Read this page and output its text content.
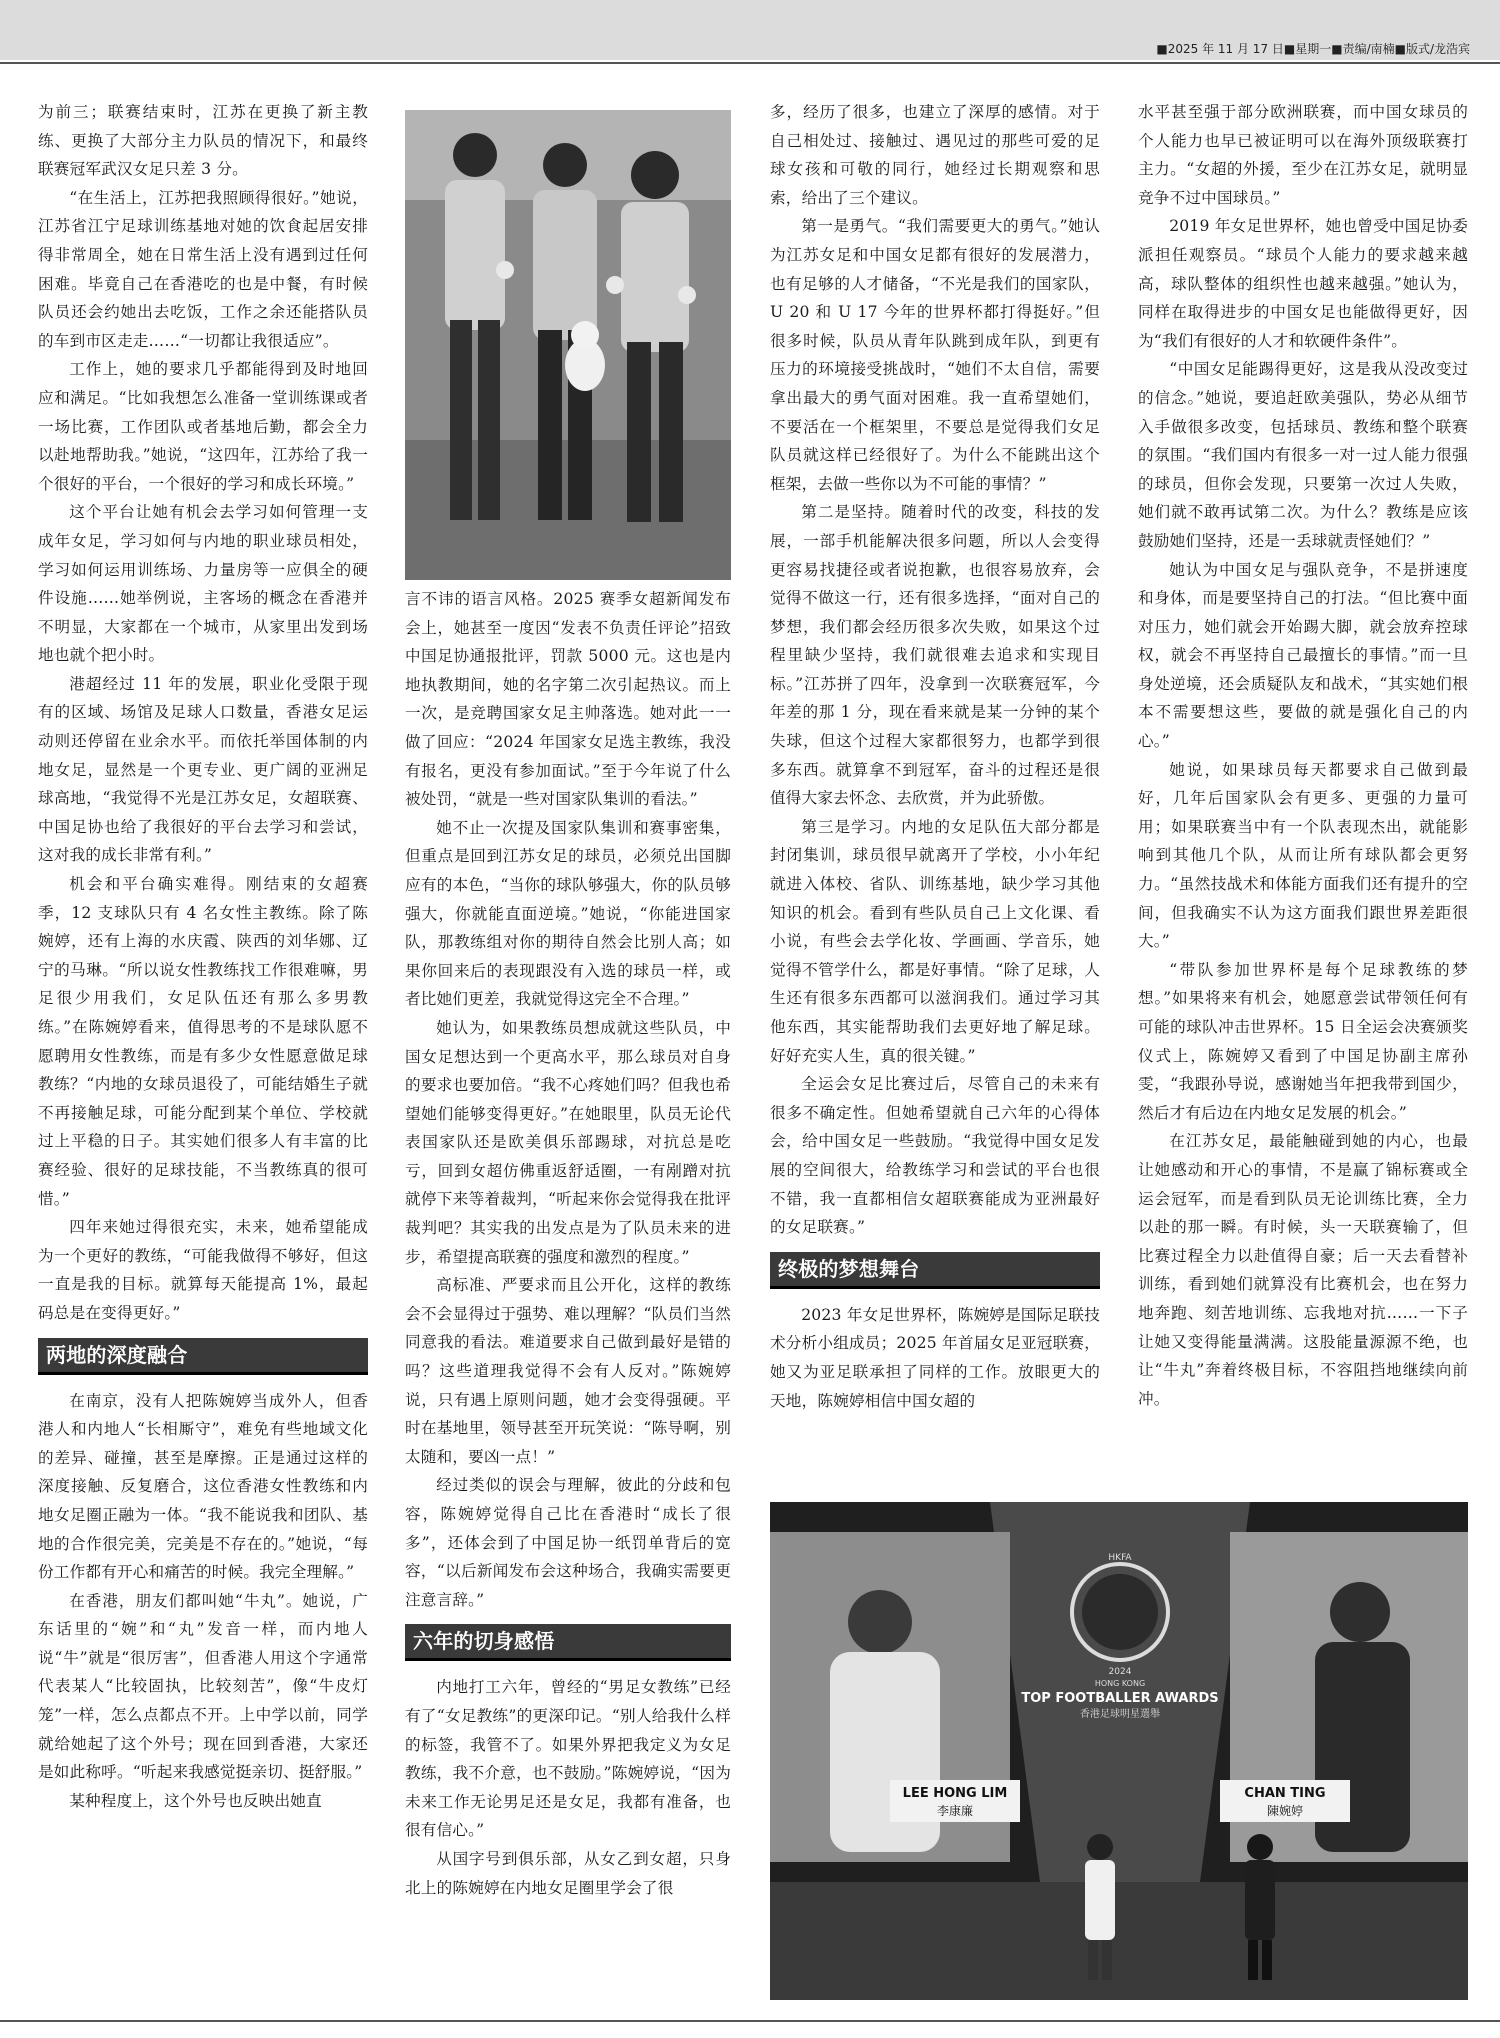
■2025 年 11 月 17 日■星期一■责编/南楠■版式/龙浩宾

为前三；联赛结束时，江苏在更换了新主教练、更换了大部分主力队员的情况下，和最终联赛冠军武汉女足只差 3 分。

“在生活上，江苏把我照顾得很好。”她说，江苏省江宁足球训练基地对她的饮食起居安排得非常周全，她在日常生活上没有遇到过任何困难。毕竟自己在香港吃的也是中餐，有时候队员还会约她出去吃饭，工作之余还能搭队员的车到市区走走……“一切都让我很适应”。

工作上，她的要求几乎都能得到及时地回应和满足。“比如我想怎么准备一堂训练课或者一场比赛，工作团队或者基地后勤，都会全力以赴地帮助我。”她说，“这四年，江苏给了我一个很好的平台，一个很好的学习和成长环境。”

这个平台让她有机会去学习如何管理一支成年女足，学习如何与内地的职业球员相处，学习如何运用训练场、力量房等一应俱全的硬件设施……她举例说，主客场的概念在香港并不明显，大家都在一个城市，从家里出发到场地也就个把小时。

港超经过 11 年的发展，职业化受限于现有的区域、场馆及足球人口数量，香港女足运动则还停留在业余水平。而依托举国体制的内地女足，显然是一个更专业、更广阔的亚洲足球高地，“我觉得不光是江苏女足，女超联赛、中国足协也给了我很好的平台去学习和尝试，这对我的成长非常有利。”

机会和平台确实难得。刚结束的女超赛季，12 支球队只有 4 名女性主教练。除了陈婉婷，还有上海的水庆霞、陕西的刘华娜、辽宁的马琳。“所以说女性教练找工作很难嘛，男足很少用我们，女足队伍还有那么多男教练。”在陈婉婷看来，值得思考的不是球队愿不愿聘用女性教练，而是有多少女性愿意做足球教练？“内地的女球员退役了，可能结婚生子就不再接触足球，可能分配到某个单位、学校就过上平稳的日子。其实她们很多人有丰富的比赛经验、很好的足球技能，不当教练真的很可惜。”

四年来她过得很充实，未来，她希望能成为一个更好的教练，“可能我做得不够好，但这一直是我的目标。就算每天能提高 1%，最起码总是在变得更好。”

两地的深度融合

在南京，没有人把陈婉婷当成外人，但香港人和内地人“长相厮守”，难免有些地域文化的差异、碰撞，甚至是摩擦。正是通过这样的深度接触、反复磨合，这位香港女性教练和内地女足圈正融为一体。“我不能说我和团队、基地的合作很完美，完美是不存在的。”她说，“每份工作都有开心和痛苦的时候。我完全理解。”

在香港，朋友们都叫她“牛丸”。她说，广东话里的“婉”和“丸”发音一样，而内地人说“牛”就是“很厉害”，但香港人用这个字通常代表某人“比较固执，比较刻苦”，像“牛皮灯笼”一样，怎么点都点不开。上中学以前，同学就给她起了这个外号；现在回到香港，大家还是如此称呼。“听起来我感觉挺亲切、挺舒服。”

某种程度上，这个外号也反映出她直

言不讳的语言风格。2025 赛季女超新闻发布会上，她甚至一度因“发表不负责任评论”招致中国足协通报批评，罚款 5000 元。这也是内地执教期间，她的名字第二次引起热议。而上一次，是竞聘国家女足主帅落选。她对此一一做了回应：“2024 年国家女足选主教练，我没有报名，更没有参加面试。”至于今年说了什么被处罚，“就是一些对国家队集训的看法。”

她不止一次提及国家队集训和赛事密集，但重点是回到江苏女足的球员，必须兑出国脚应有的本色，“当你的球队够强大，你的队员够强大，你就能直面逆境。”她说，“你能进国家队，那教练组对你的期待自然会比别人高；如果你回来后的表现跟没有入选的球员一样，或者比她们更差，我就觉得这完全不合理。”

她认为，如果教练员想成就这些队员，中国女足想达到一个更高水平，那么球员对自身的要求也要加倍。“我不心疼她们吗？但我也希望她们能够变得更好。”在她眼里，队员无论代表国家队还是欧美俱乐部踢球，对抗总是吃亏，回到女超仿佛重返舒适圈，一有剐蹭对抗就停下来等着裁判，“听起来你会觉得我在批评裁判吧？其实我的出发点是为了队员未来的进步，希望提高联赛的强度和激烈的程度。”

高标准、严要求而且公开化，这样的教练会不会显得过于强势、难以理解？“队员们当然同意我的看法。难道要求自己做到最好是错的吗？这些道理我觉得不会有人反对。”陈婉婷说，只有遇上原则问题，她才会变得强硬。平时在基地里，领导甚至开玩笑说：“陈导啊，别太随和，要凶一点！”

经过类似的误会与理解，彼此的分歧和包容，陈婉婷觉得自己比在香港时“成长了很多”，还体会到了中国足协一纸罚单背后的宽容，“以后新闻发布会这种场合，我确实需要更注意言辞。”

六年的切身感悟

内地打工六年，曾经的“男足女教练”已经有了“女足教练”的更深印记。“别人给我什么样的标签，我管不了。如果外界把我定义为女足教练，我不介意，也不鼓励。”陈婉婷说，“因为未来工作无论男足还是女足，我都有准备，也很有信心。”

从国字号到俱乐部，从女乙到女超，只身北上的陈婉婷在内地女足圈里学会了很

多，经历了很多，也建立了深厚的感情。对于自己相处过、接触过、遇见过的那些可爱的足球女孩和可敬的同行，她经过长期观察和思索，给出了三个建议。

第一是勇气。“我们需要更大的勇气。”她认为江苏女足和中国女足都有很好的发展潜力，也有足够的人才储备，“不光是我们的国家队，U 20 和 U 17 今年的世界杯都打得挺好。”但很多时候，队员从青年队跳到成年队，到更有压力的环境接受挑战时，“她们不太自信，需要拿出最大的勇气面对困难。我一直希望她们，不要活在一个框架里，不要总是觉得我们女足队员就这样已经很好了。为什么不能跳出这个框架，去做一些你以为不可能的事情？”

第二是坚持。随着时代的改变，科技的发展，一部手机能解决很多问题，所以人会变得更容易找捷径或者说抱歉，也很容易放弃，会觉得不做这一行，还有很多选择，“面对自己的梦想，我们都会经历很多次失败，如果这个过程里缺少坚持，我们就很难去追求和实现目标。”江苏拼了四年，没拿到一次联赛冠军，今年差的那 1 分，现在看来就是某一分钟的某个失球，但这个过程大家都很努力，也都学到很多东西。就算拿不到冠军，奋斗的过程还是很值得大家去怀念、去欣赏，并为此骄傲。

第三是学习。内地的女足队伍大部分都是封闭集训，球员很早就离开了学校，小小年纪就进入体校、省队、训练基地，缺少学习其他知识的机会。看到有些队员自己上文化课、看小说，有些会去学化妆、学画画、学音乐，她觉得不管学什么，都是好事情。“除了足球，人生还有很多东西都可以滋润我们。通过学习其他东西，其实能帮助我们去更好地了解足球。好好充实人生，真的很关键。”

全运会女足比赛过后，尽管自己的未来有很多不确定性。但她希望就自己六年的心得体会，给中国女足一些鼓励。“我觉得中国女足发展的空间很大，给教练学习和尝试的平台也很不错，我一直都相信女超联赛能成为亚洲最好的女足联赛。”

终极的梦想舞台

2023 年女足世界杯，陈婉婷是国际足联技术分析小组成员；2025 年首届女足亚冠联赛，她又为亚足联承担了同样的工作。放眼更大的天地，陈婉婷相信中国女超的

水平甚至强于部分欧洲联赛，而中国女球员的个人能力也早已被证明可以在海外顶级联赛打主力。“女超的外援，至少在江苏女足，就明显竞争不过中国球员。”

2019 年女足世界杯，她也曾受中国足协委派担任观察员。“球员个人能力的要求越来越高，球队整体的组织性也越来越强。”她认为，同样在取得进步的中国女足也能做得更好，因为“我们有很好的人才和软硬件条件”。

“中国女足能踢得更好，这是我从没改变过的信念。”她说，要追赶欧美强队，势必从细节入手做很多改变，包括球员、教练和整个联赛的氛围。“我们国内有很多一对一过人能力很强的球员，但你会发现，只要第一次过人失败，她们就不敢再试第二次。为什么？教练是应该鼓励她们坚持，还是一丢球就责怪她们？”

她认为中国女足与强队竞争，不是拼速度和身体，而是要坚持自己的打法。“但比赛中面对压力，她们就会开始踢大脚，就会放弃控球权，就会不再坚持自己最擅长的事情。”而一旦身处逆境，还会质疑队友和战术，“其实她们根本不需要想这些，要做的就是强化自己的内心。”

她说，如果球员每天都要求自己做到最好，几年后国家队会有更多、更强的力量可用；如果联赛当中有一个队表现杰出，就能影响到其他几个队，从而让所有球队都会更努力。“虽然技战术和体能方面我们还有提升的空间，但我确实不认为这方面我们跟世界差距很大。”

“带队参加世界杯是每个足球教练的梦想。”如果将来有机会，她愿意尝试带领任何有可能的球队冲击世界杯。15 日全运会决赛颁奖仪式上，陈婉婷又看到了中国足协副主席孙雯，“我跟孙导说，感谢她当年把我带到国少，然后才有后边在内地女足发展的机会。”

在江苏女足，最能触碰到她的内心，也最让她感动和开心的事情，不是赢了锦标赛或全运会冠军，而是看到队员无论训练比赛，全力以赴的那一瞬。有时候，头一天联赛输了，但比赛过程全力以赴值得自豪；后一天去看替补训练，看到她们就算没有比赛机会，也在努力地奔跑、刻苦地训练、忘我地对抗……一下子让她又变得能量满满。这股能量源源不绝，也让“牛丸”奔着终极目标，不容阻挡地继续向前冲。

HKFA
2024
HONG KONG
TOP FOOTBALLER AWARDS
香港足球明星選舉
LEE HONG LIM
李康廉
CHAN TING
陳婉婷
